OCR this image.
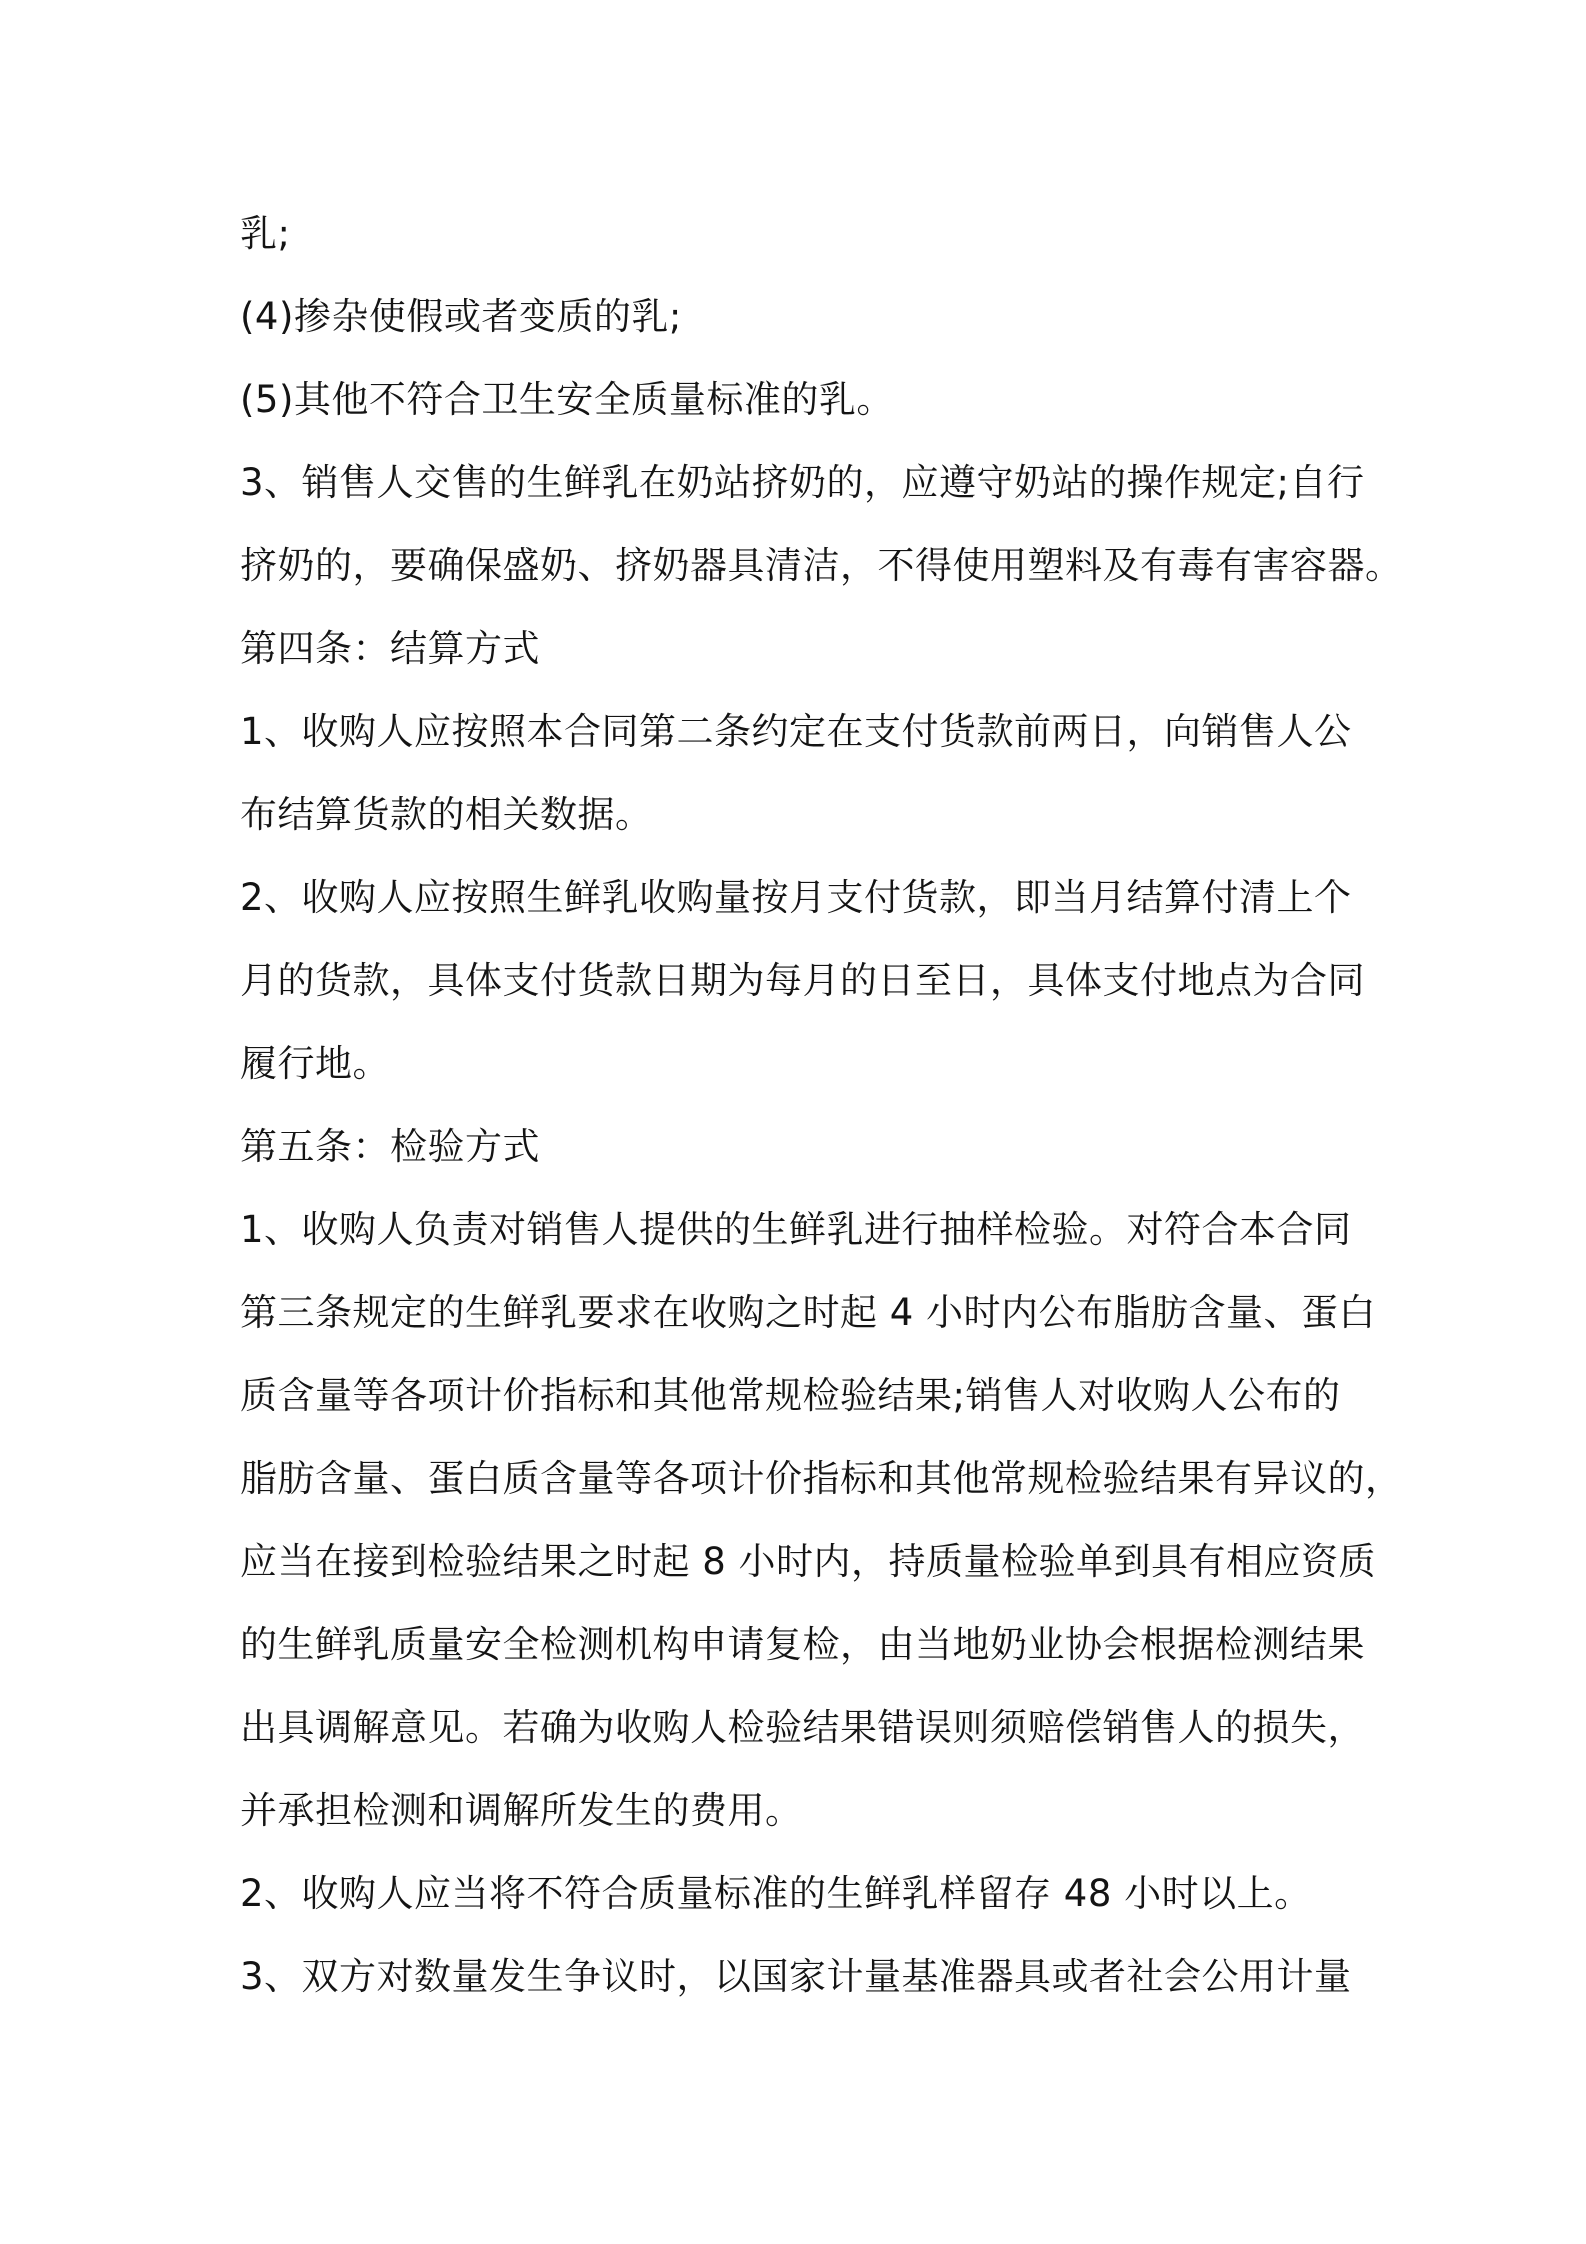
乳;
(4)掺杂使假或者变质的乳;
(5)其他不符合卫生安全质量标准的乳。
3、销售人交售的生鲜乳在奶站挤奶的，应遵守奶站的操作规定;自行
挤奶的，要确保盛奶、挤奶器具清洁，不得使用塑料及有毒有害容器。
第四条：结算方式
1、收购人应按照本合同第二条约定在支付货款前两日，向销售人公
布结算货款的相关数据。
2、收购人应按照生鲜乳收购量按月支付货款，即当月结算付清上个
月的货款，具体支付货款日期为每月的日至日，具体支付地点为合同
履行地。
第五条：检验方式
1、收购人负责对销售人提供的生鲜乳进行抽样检验。对符合本合同
第三条规定的生鲜乳要求在收购之时起 4 小时内公布脂肪含量、蛋白
质含量等各项计价指标和其他常规检验结果;销售人对收购人公布的
脂肪含量、蛋白质含量等各项计价指标和其他常规检验结果有异议的，
应当在接到检验结果之时起 8 小时内，持质量检验单到具有相应资质
的生鲜乳质量安全检测机构申请复检，由当地奶业协会根据检测结果
出具调解意见。若确为收购人检验结果错误则须赔偿销售人的损失，
并承担检测和调解所发生的费用。
2、收购人应当将不符合质量标准的生鲜乳样留存 48 小时以上。
3、双方对数量发生争议时，以国家计量基准器具或者社会公用计量
